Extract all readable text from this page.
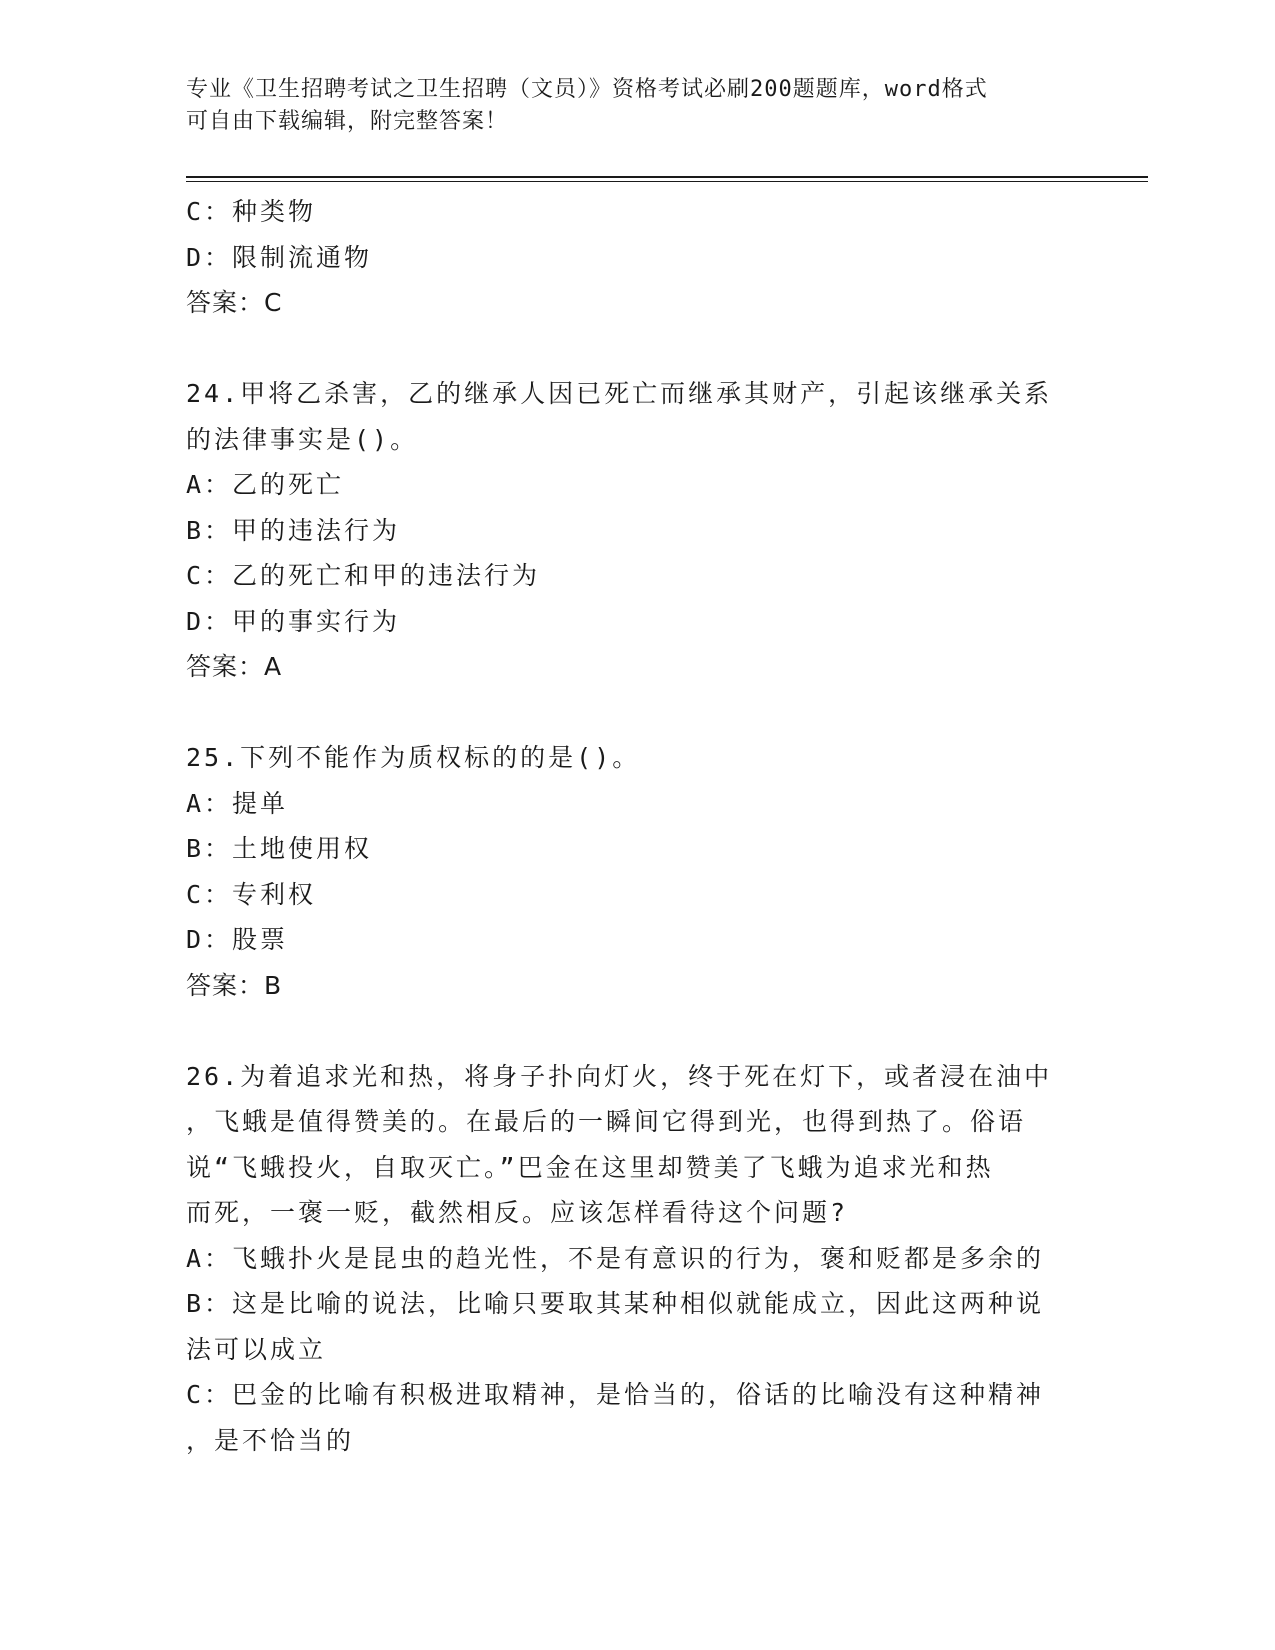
专业《卫生招聘考试之卫生招聘（文员）》资格考试必刷200题题库，word格式
可自由下载编辑，附完整答案！
C：种类物
D：限制流通物
答案：C
24.甲将乙杀害，乙的继承人因已死亡而继承其财产，引起该继承关系
的法律事实是()。
A：乙的死亡
B：甲的违法行为
C：乙的死亡和甲的违法行为
D：甲的事实行为
答案：A
25.下列不能作为质权标的的是()。
A：提单
B：土地使用权
C：专利权
D：股票
答案：B
26.为着追求光和热，将身子扑向灯火，终于死在灯下，或者浸在油中
，飞蛾是值得赞美的。在最后的一瞬间它得到光，也得到热了。俗语
说“飞蛾投火，自取灭亡。”巴金在这里却赞美了飞蛾为追求光和热
而死，一褒一贬，截然相反。应该怎样看待这个问题?
A：飞蛾扑火是昆虫的趋光性，不是有意识的行为，褒和贬都是多余的
B：这是比喻的说法，比喻只要取其某种相似就能成立，因此这两种说
法可以成立
C：巴金的比喻有积极进取精神，是恰当的，俗话的比喻没有这种精神
，是不恰当的
